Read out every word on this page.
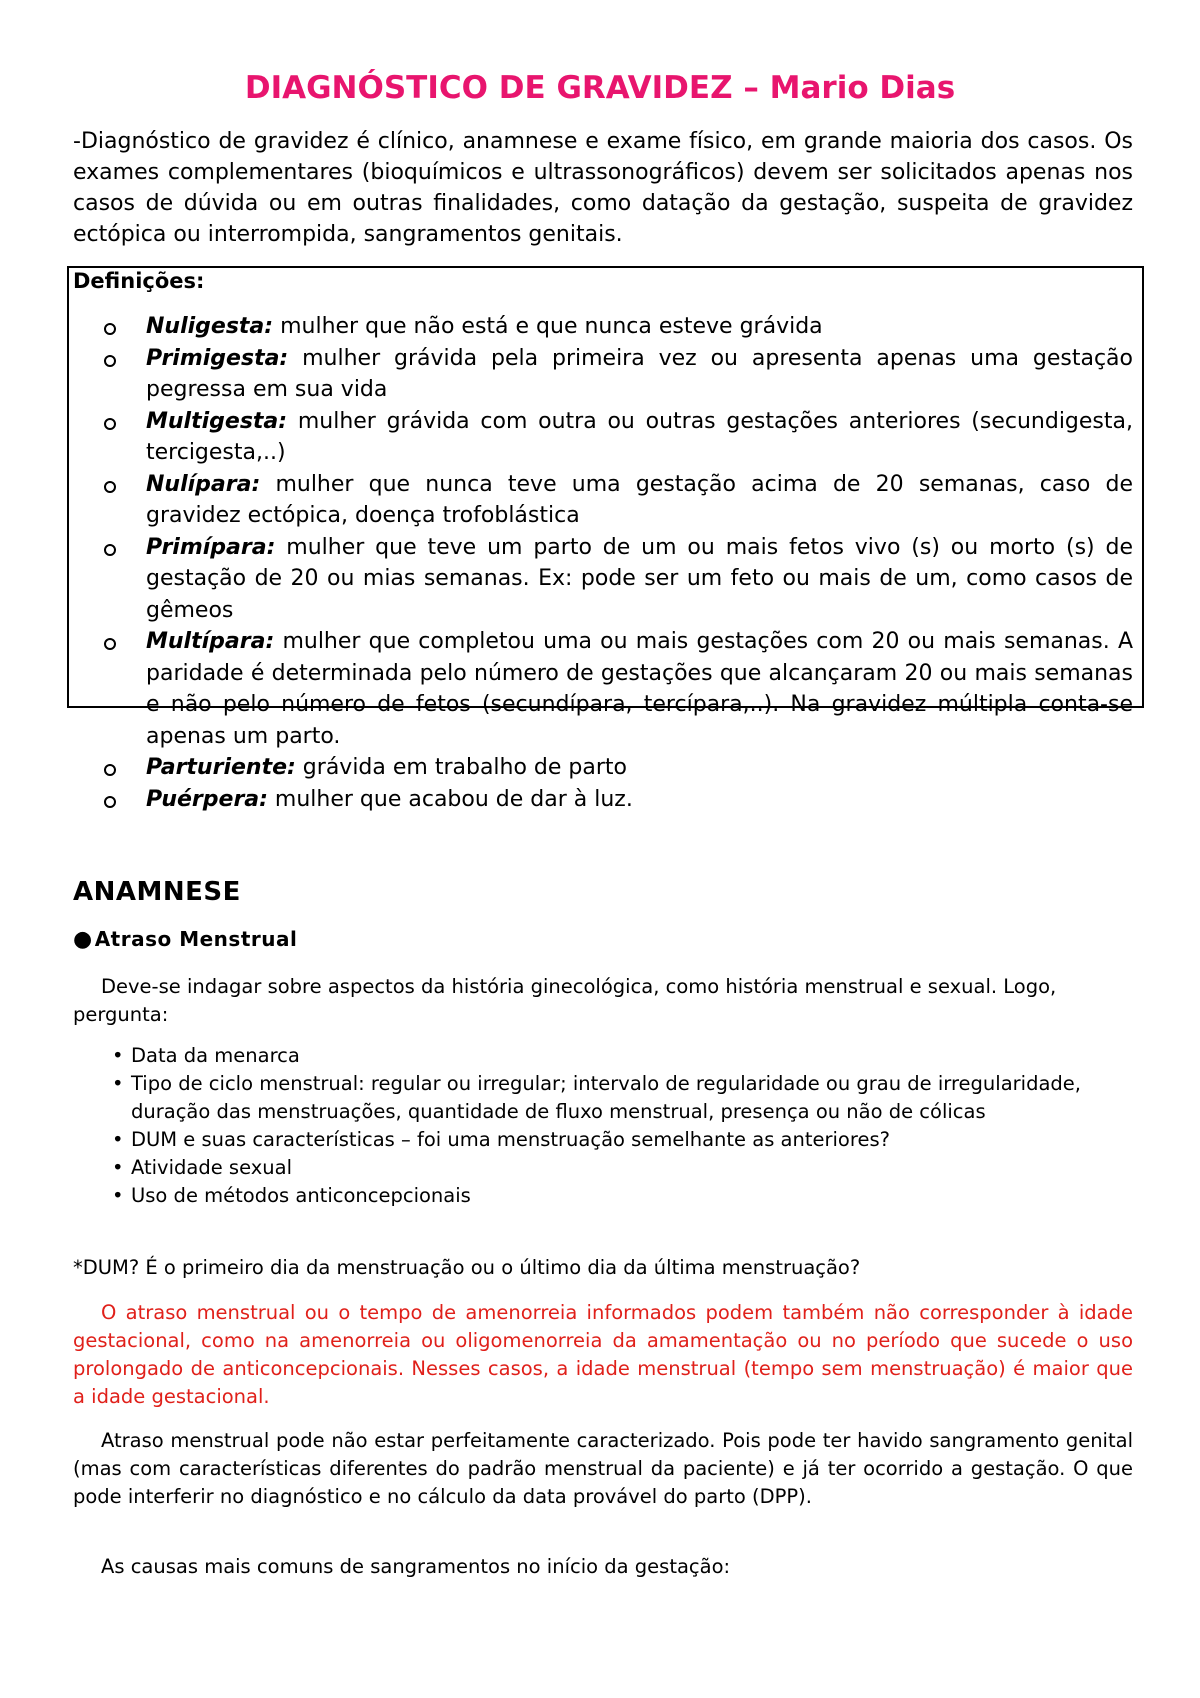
DIAGNÓSTICO DE GRAVIDEZ – Mario Dias

-Diagnóstico de gravidez é clínico, anamnese e exame físico, em grande maioria dos casos. Os exames complementares (bioquímicos e ultrassonográficos) devem ser solicitados apenas nos casos de dúvida ou em outras finalidades, como datação da gestação, suspeita de gravidez ectópica ou interrompida, sangramentos genitais.

Definições:

Nuligesta: mulher que não está e que nunca esteve grávida
Primigesta: mulher grávida pela primeira vez ou apresenta apenas uma gestação pegressa em sua vida
Multigesta: mulher grávida com outra ou outras gestações anteriores (secundigesta, tercigesta,..)
Nulípara: mulher que nunca teve uma gestação acima de 20 semanas, caso de gravidez ectópica, doença trofoblástica
Primípara: mulher que teve um parto de um ou mais fetos vivo (s) ou morto (s) de gestação de 20 ou mias semanas. Ex: pode ser um feto ou mais de um, como casos de gêmeos
Multípara: mulher que completou uma ou mais gestações com 20 ou mais semanas. A paridade é determinada pelo número de gestações que alcançaram 20 ou mais semanas e não pelo número de fetos (secundípara, tercípara,..). Na gravidez múltipla conta-se apenas um parto.
Parturiente: grávida em trabalho de parto
Puérpera: mulher que acabou de dar à luz.
ANAMNESE
● Atraso Menstrual

Deve-se indagar sobre aspectos da história ginecológica, como história menstrual e sexual. Logo, pergunta:

• Data da menarca
• Tipo de ciclo menstrual: regular ou irregular; intervalo de regularidade ou grau de irregularidade, duração das menstruações, quantidade de fluxo menstrual, presença ou não de cólicas
• DUM e suas características – foi uma menstruação semelhante as anteriores?
• Atividade sexual
• Uso de métodos anticoncepcionais

*DUM? É o primeiro dia da menstruação ou o último dia da última menstruação?

O atraso menstrual ou o tempo de amenorreia informados podem também não corresponder à idade gestacional, como na amenorreia ou oligomenorreia da amamentação ou no período que sucede o uso prolongado de anticoncepcionais. Nesses casos, a idade menstrual (tempo sem menstruação) é maior que a idade gestacional.

Atraso menstrual pode não estar perfeitamente caracterizado. Pois pode ter havido sangramento genital (mas com características diferentes do padrão menstrual da paciente) e já ter ocorrido a gestação. O que pode interferir no diagnóstico e no cálculo da data provável do parto (DPP).

As causas mais comuns de sangramentos no início da gestação:
